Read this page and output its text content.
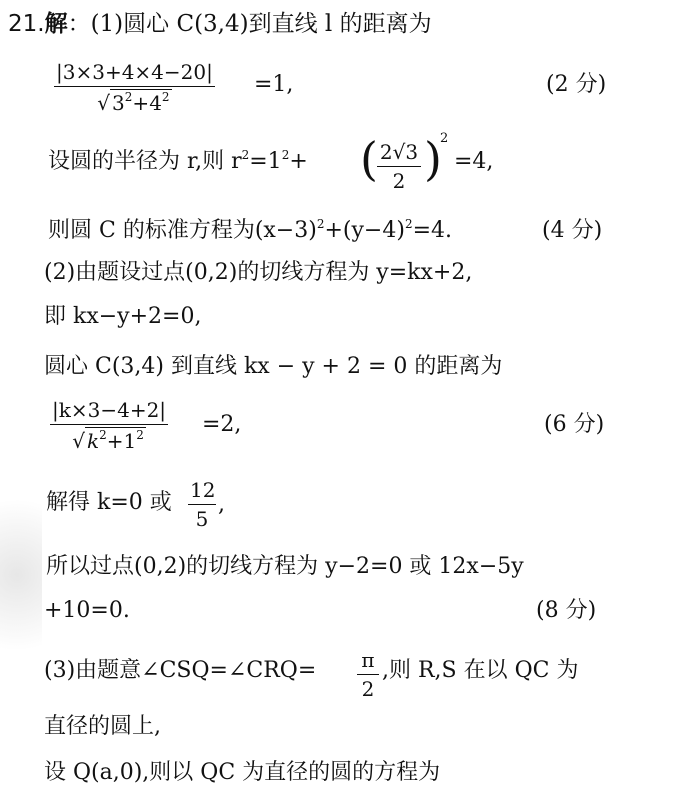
21.解：(1)圆心 C(3,4)到直线 l 的距离为
|3×3+4×4−20|
√ $3^2+4^2$	=1,	(2 分)
设圆的半径为 r,则 $r^2=1^2+$ ( 2√3
2 )
2
=4,
则圆 C 的标准方程为$(x-3)^2+(y-4)^2=4$.	(4 分)
(2)由题设过点(0,2)的切线方程为 y=kx+2,
即 kx−y+2=0,
圆心 C(3,4) 到直线 kx − y + 2 = 0 的距离为
|k×3−4+2|
√ $k^2+1^2$	=2,	(6 分)
解得 k=0 或 12
5
,
所以过点(0,2)的切线方程为 y−2=0 或 12x−5y
+10=0.	(8 分)
(3)由题意∠CSQ=∠CRQ= π
2
,则 R,S 在以 QC 为
直径的圆上,
设 Q(a,0),则以 QC 为直径的圆的方程为
